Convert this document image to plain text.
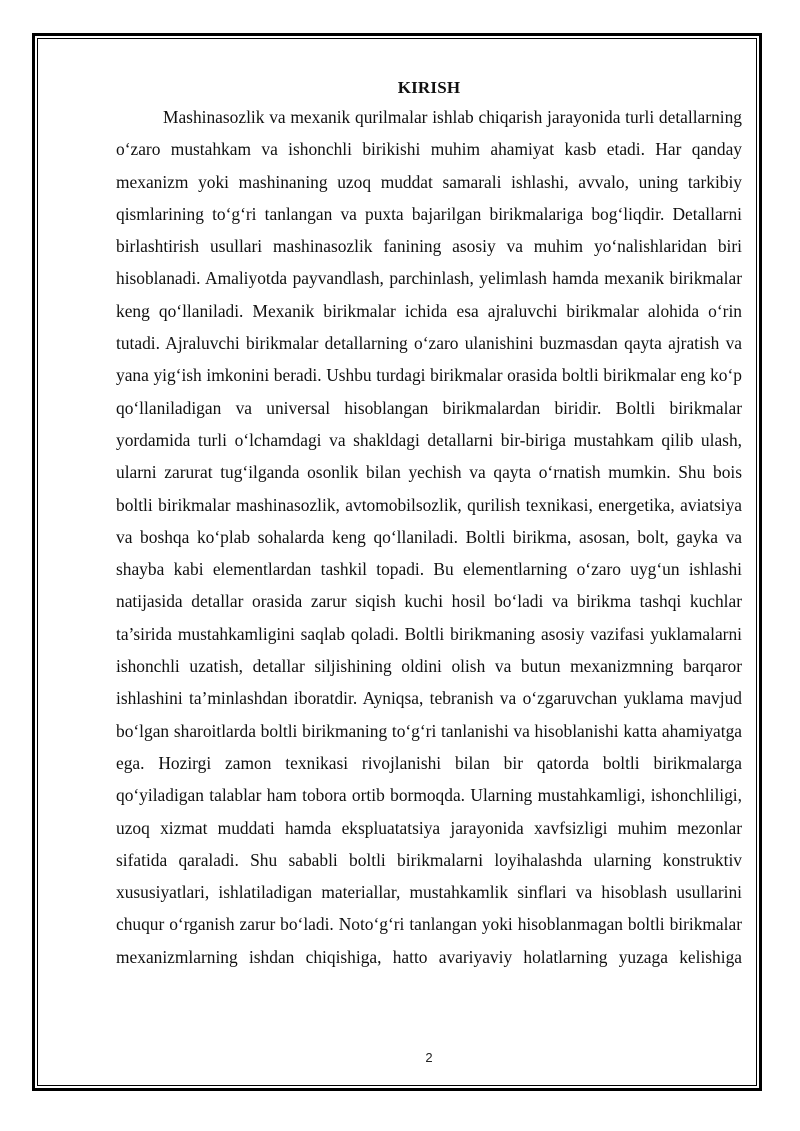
KIRISH

Mashinasozlik va mexanik qurilmalar ishlab chiqarish jarayonida turli detallarning o‘zaro mustahkam va ishonchli birikishi muhim ahamiyat kasb etadi. Har qanday mexanizm yoki mashinaning uzoq muddat samarali ishlashi, avvalo, uning tarkibiy qismlarining to‘g‘ri tanlangan va puxta bajarilgan birikmalariga bog‘liqdir. Detallarni birlashtirish usullari mashinasozlik fanining asosiy va muhim yo‘nalishlaridan biri hisoblanadi. Amaliyotda payvandlash, parchinlash, yelimlash hamda mexanik birikmalar keng qo‘llaniladi. Mexanik birikmalar ichida esa ajraluvchi birikmalar alohida o‘rin tutadi. Ajraluvchi birikmalar detallarning o‘zaro ulanishini buzmasdan qayta ajratish va yana yig‘ish imkonini beradi. Ushbu turdagi birikmalar orasida boltli birikmalar eng ko‘p qo‘llaniladigan va universal hisoblangan birikmalardan biridir. Boltli birikmalar yordamida turli o‘lchamdagi va shakldagi detallarni bir-biriga mustahkam qilib ulash, ularni zarurat tug‘ilganda osonlik bilan yechish va qayta o‘rnatish mumkin. Shu bois boltli birikmalar mashinasozlik, avtomobilsozlik, qurilish texnikasi, energetika, aviatsiya va boshqa ko‘plab sohalarda keng qo‘llaniladi. Boltli birikma, asosan, bolt, gayka va shayba kabi elementlardan tashkil topadi. Bu elementlarning o‘zaro uyg‘un ishlashi natijasida detallar orasida zarur siqish kuchi hosil bo‘ladi va birikma tashqi kuchlar ta’sirida mustahkamligini saqlab qoladi. Boltli birikmaning asosiy vazifasi yuklamalarni ishonchli uzatish, detallar siljishining oldini olish va butun mexanizmning barqaror ishlashini ta’minlashdan iboratdir. Ayniqsa, tebranish va o‘zgaruvchan yuklama mavjud bo‘lgan sharoitlarda boltli birikmaning to‘g‘ri tanlanishi va hisoblanishi katta ahamiyatga ega. Hozirgi zamon texnikasi rivojlanishi bilan bir qatorda boltli birikmalarga qo‘yiladigan talablar ham tobora ortib bormoqda. Ularning mustahkamligi, ishonchliligi, uzoq xizmat muddati hamda ekspluatatsiya jarayonida xavfsizligi muhim mezonlar sifatida qaraladi. Shu sababli boltli birikmalarni loyihalashda ularning konstruktiv xususiyatlari, ishlatiladigan materiallar, mustahkamlik sinflari va hisoblash usullarini chuqur o‘rganish zarur bo‘ladi. Noto‘g‘ri tanlangan yoki hisoblanmagan boltli birikmalar mexanizmlarning ishdan chiqishiga, hatto avariyaviy holatlarning yuzaga kelishiga

2
